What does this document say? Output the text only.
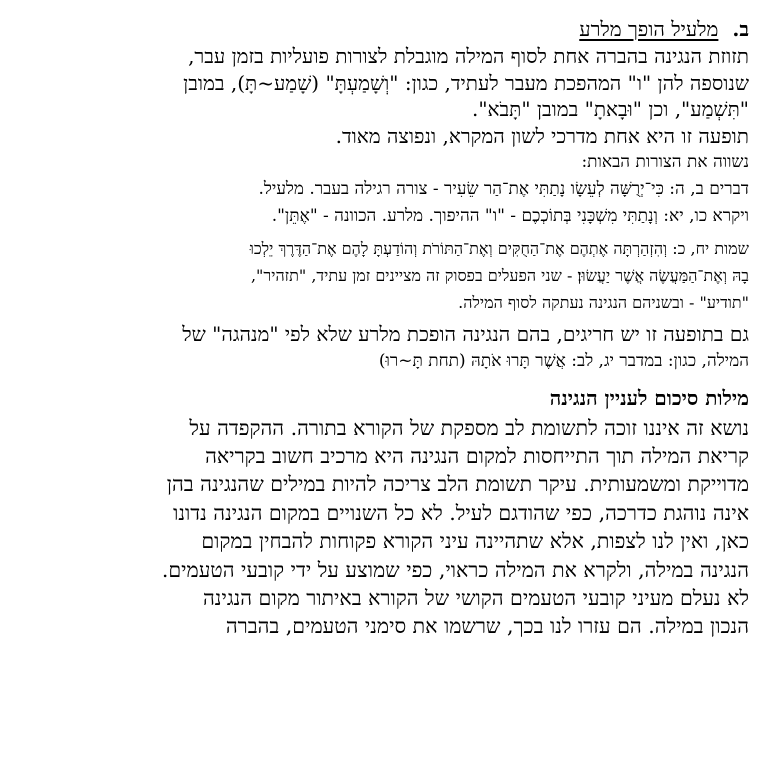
ב.מלעיל הופך מלרע
תזוזת הנגינה בהברה אחת לסוף המילה מוגבלת לצורות פועליות בזמן עבר,
שנוספה להן "ו" המהפכת מעבר לעתיד, כגון: "וְשָׁמַעְתָּ" (שָׁמַע~תָּ), במובן
"תִּשְׁמַע", וכן "וּבָאתָ" במובן "תָּבֹא".
תופעה זו היא אחת מדרכי לשון המקרא, ונפוצה מאוד.
נשווה את הצורות הבאות:
דברים ב, ה: כִּי־יְרֻשָּׁה לְעֵשָׂו נָתַתִּי אֶת־הַר שֵׂעִיר - צורה רגילה בעבר. מלעיל.
ויקרא כו, יא: וְנָתַתִּי מִשְׁכָּנִי בְּתוֹכְכֶם - "ו" ההיפוך. מלרע. הכוונה - "אֶתֵּן".
שמות יח, כ: וְהִזְהַרְתָּה אֶתְהֶם אֶת־הַחֻקִּים וְאֶת־הַתּוֹרֹת וְהוֹדַעְתָּ לָהֶם אֶת־הַדֶּרֶךְ יֵלְכוּ
בָהּ וְאֶת־הַמַּעֲשֶׂה אֲשֶׁר יַעֲשׂוּן׃ - שני הפעלים בפסוק זה מציינים זמן עתיד, "תזהיר",
"תודיע" - ובשניהם הנגינה נעתקה לסוף המילה.
גם בתופעה זו יש חריגים, בהם הנגינה הופכת מלרע שלא לפי "מנהגה" של
המילה, כגון: במדבר יג, לב: אֲשֶׁר תָּרוּ אֹתָהּ (תחת תָּ~רוּ)
מילות סיכום לעניין הנגינה
נושא זה איננו זוכה לתשומת לב מספקת של הקורא בתורה. ההקפדה על
קריאת המילה תוך התייחסות למקום הנגינה היא מרכיב חשוב בקריאה
מדוייקת ומשמעותית. עיקר תשומת הלב צריכה להיות במילים שהנגינה בהן
אינה נוהגת כדרכה, כפי שהודגם לעיל. לא כל השנויים במקום הנגינה נדונו
כאן, ואין לנו לצפות, אלא שתהיינה עיני הקורא פקוחות להבחין במקום
הנגינה במילה, ולקרא את המילה כראוי, כפי שמוצע על ידי קובעי הטעמים.
לא נעלם מעיני קובעי הטעמים הקושי של הקורא באיתור מקום הנגינה
הנכון במילה. הם עזרו לנו בכך, שרשמו את סימני הטעמים, בהברה
